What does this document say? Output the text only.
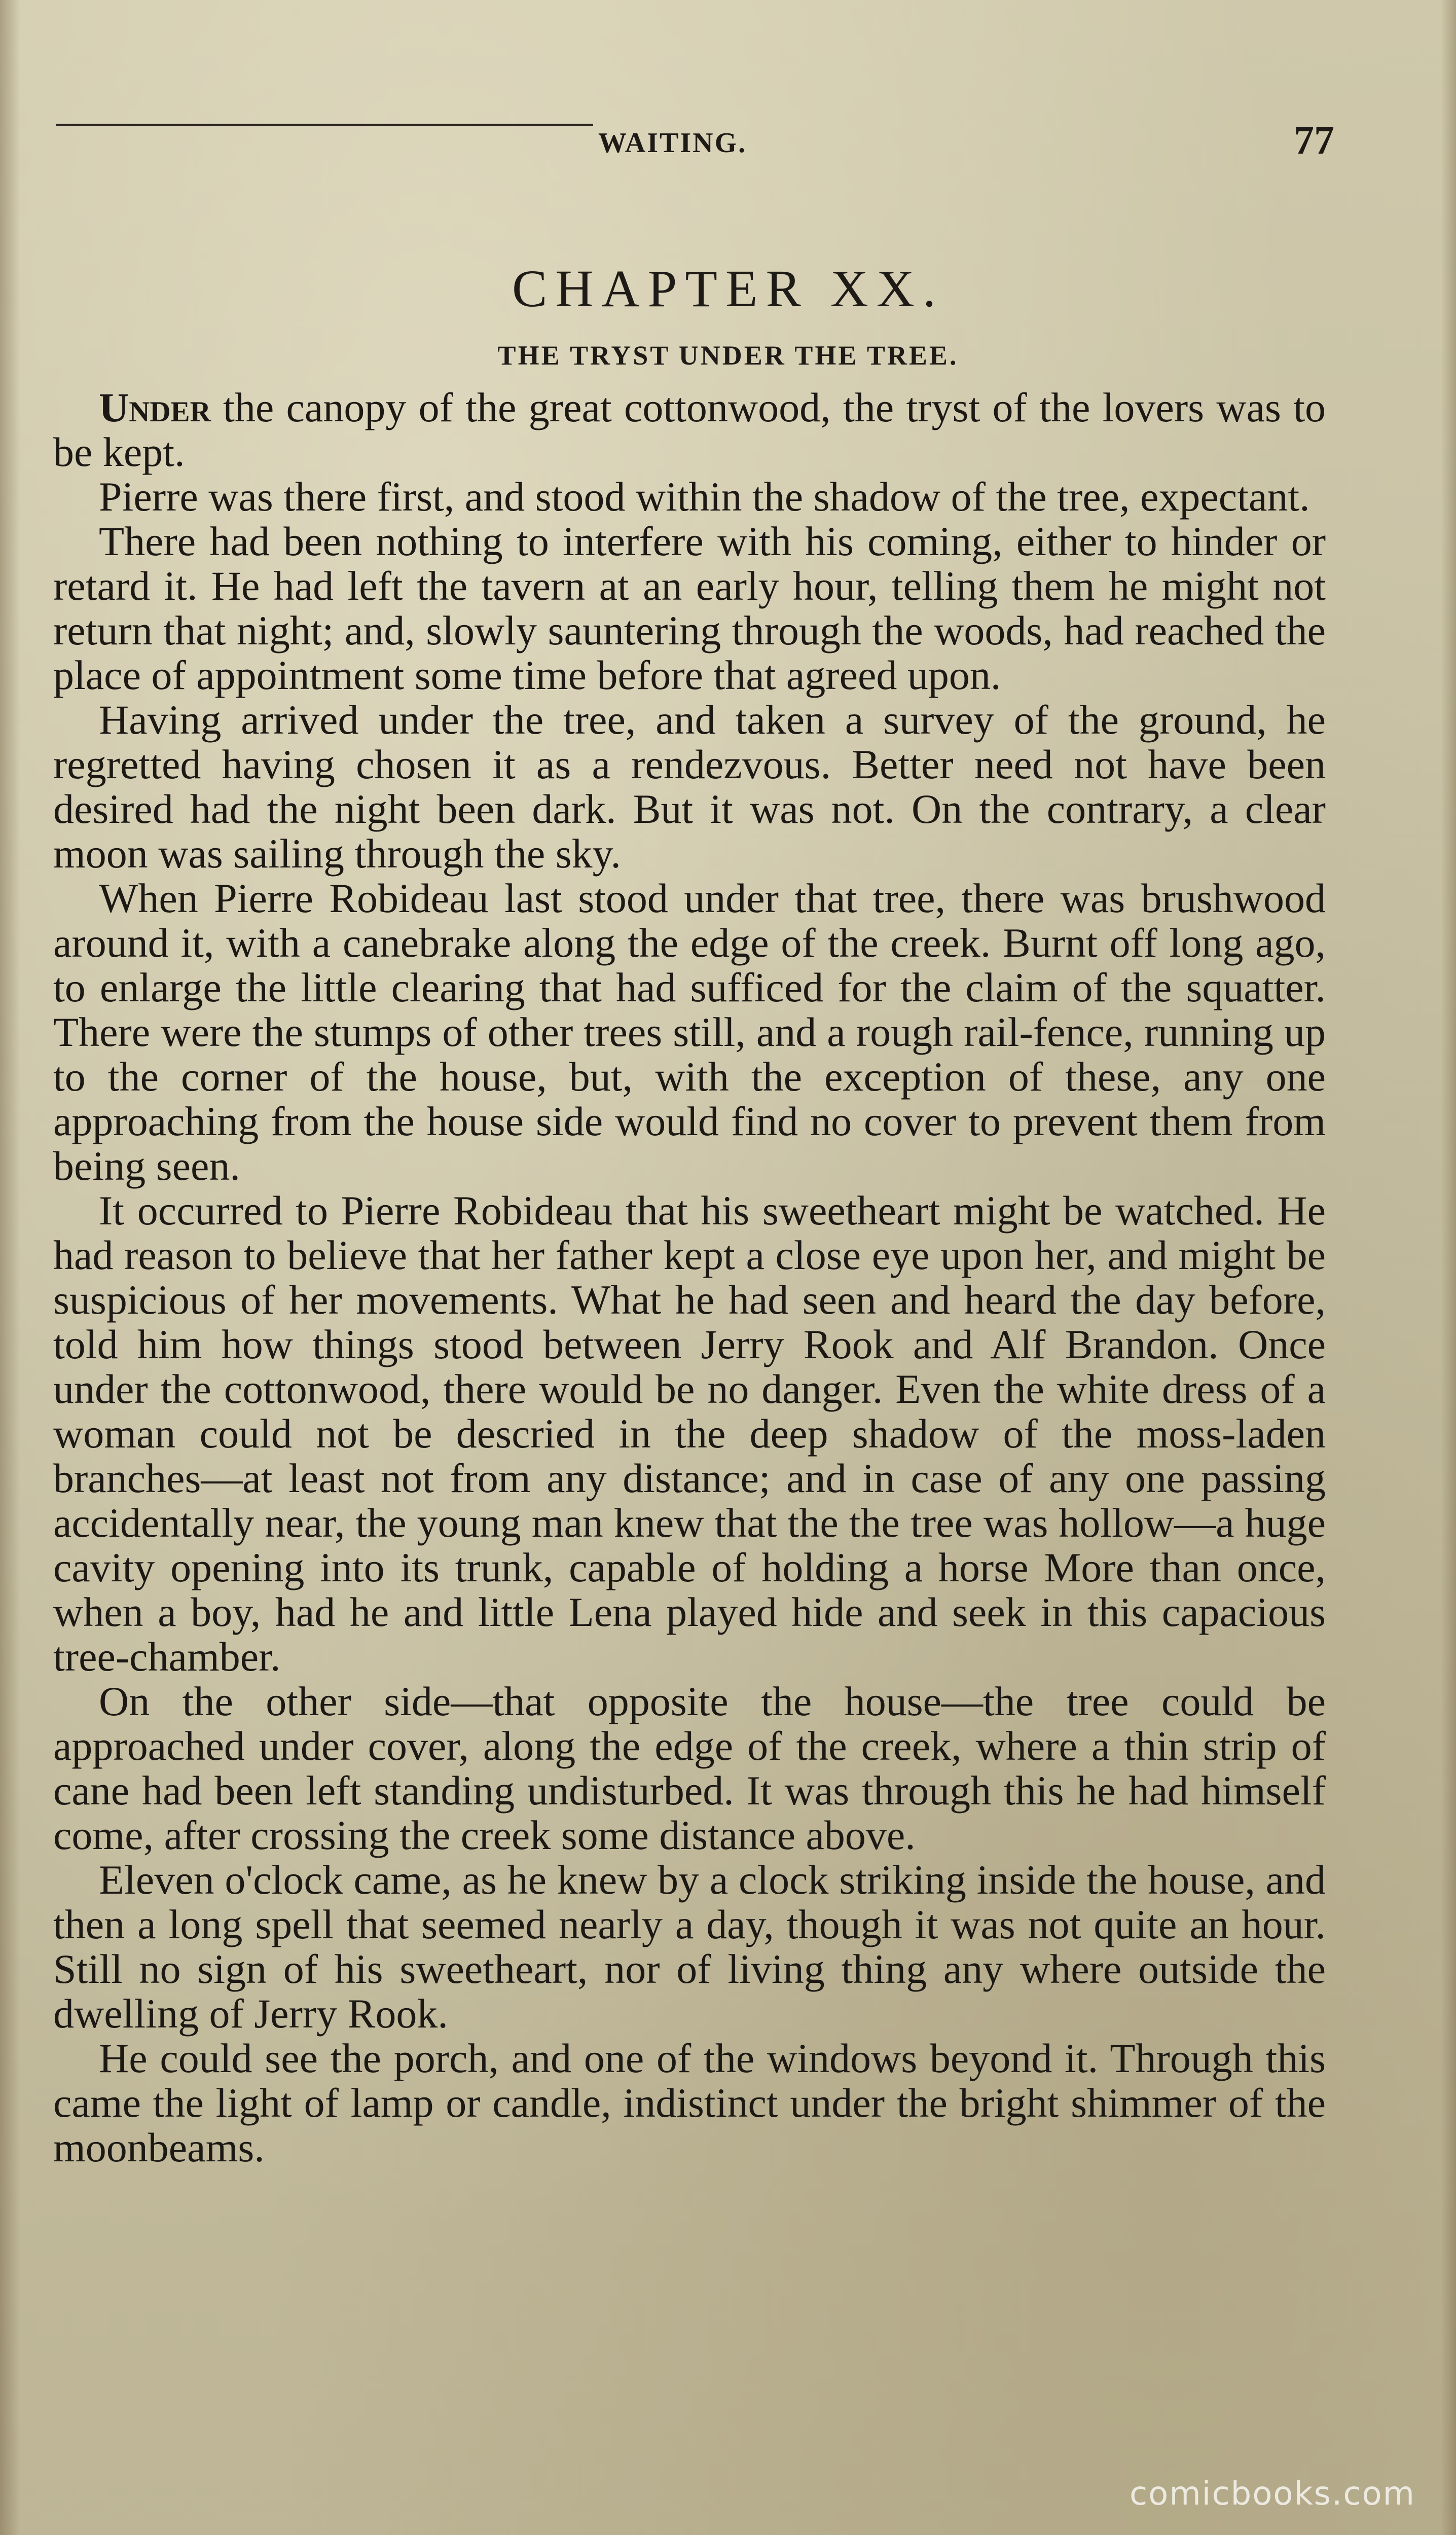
WAITING.	77
CHAPTER XX.
THE TRYST UNDER THE TREE.

Under the canopy of the great cottonwood, the tryst of the lovers was to be kept.

Pierre was there first, and stood within the shadow of the tree, expectant.

There had been nothing to interfere with his coming, either to hinder or retard it. He had left the tavern at an early hour, telling them he might not return that night; and, slowly sauntering through the woods, had reached the place of appointment some time before that agreed upon.

Having arrived under the tree, and taken a survey of the ground, he regretted having chosen it as a rendezvous. Better need not have been desired had the night been dark. But it was not. On the contrary, a clear moon was sailing through the sky.

When Pierre Robideau last stood under that tree, there was brushwood around it, with a canebrake along the edge of the creek. Burnt off long ago, to enlarge the little clearing that had sufficed for the claim of the squatter. There were the stumps of other trees still, and a rough rail-fence, running up to the corner of the house, but, with the exception of these, any one approaching from the house side would find no cover to prevent them from being seen.

It occurred to Pierre Robideau that his sweetheart might be watched. He had reason to believe that her father kept a close eye upon her, and might be suspicious of her movements. What he had seen and heard the day before, told him how things stood between Jerry Rook and Alf Brandon. Once under the cottonwood, there would be no danger. Even the white dress of a woman could not be descried in the deep shadow of the moss-laden branches—at least not from any distance; and in case of any one passing accidentally near, the young man knew that the the tree was hollow—a huge cavity opening into its trunk, capable of holding a horse More than once, when a boy, had he and little Lena played hide and seek in this capacious tree-chamber.

On the other side—that opposite the house—the tree could be approached under cover, along the edge of the creek, where a thin strip of cane had been left standing undisturbed. It was through this he had himself come, after crossing the creek some distance above.

Eleven o'clock came, as he knew by a clock striking inside the house, and then a long spell that seemed nearly a day, though it was not quite an hour. Still no sign of his sweetheart, nor of living thing any where outside the dwelling of Jerry Rook.

He could see the porch, and one of the windows beyond it. Through this came the light of lamp or candle, indistinct under the bright shimmer of the moonbeams.

comicbooks.com
